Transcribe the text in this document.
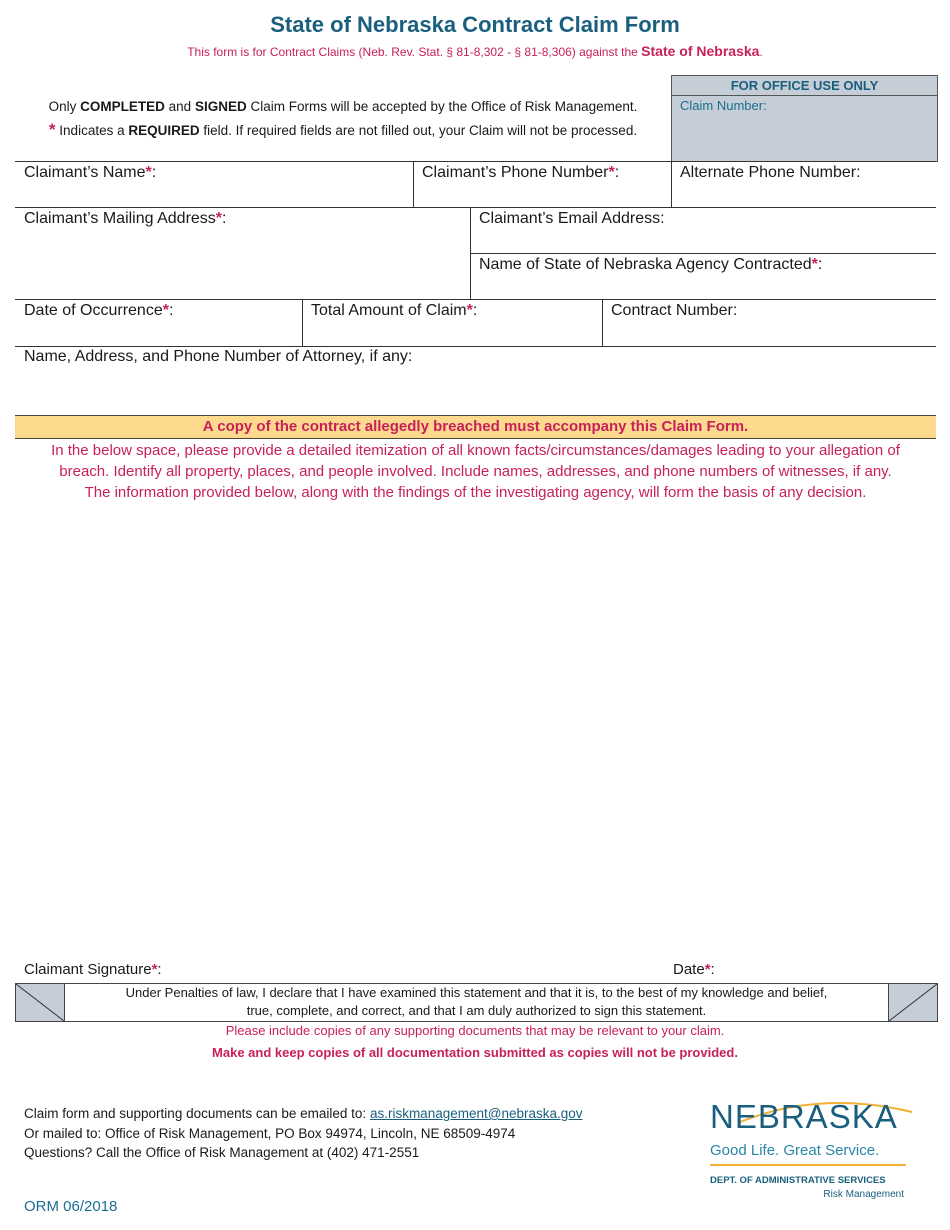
State of Nebraska Contract Claim Form
This form is for Contract Claims (Neb. Rev. Stat. § 81-8,302 - § 81-8,306) against the State of Nebraska.
Only COMPLETED and SIGNED Claim Forms will be accepted by the Office of Risk Management.
* Indicates a REQUIRED field. If required fields are not filled out, your Claim will not be processed.
FOR OFFICE USE ONLY
Claim Number:
Claimant’s Name*:	Claimant’s Phone Number*:	Alternate Phone Number:
Claimant’s Mailing Address*:	Claimant’s Email Address:
Name of State of Nebraska Agency Contracted*:
Date of Occurrence*:	Total Amount of Claim*:	Contract Number:
Name, Address, and Phone Number of Attorney, if any:
A copy of the contract allegedly breached must accompany this Claim Form.
In the below space, please provide a detailed itemization of all known facts/circumstances/damages leading to your allegation of
breach. Identify all property, places, and people involved. Include names, addresses, and phone numbers of witnesses, if any.
The information provided below, along with the findings of the investigating agency, will form the basis of any decision.
Claimant Signature*:	Date*:
Under Penalties of law, I declare that I have examined this statement and that it is, to the best of my knowledge and belief,
true, complete, and correct, and that I am duly authorized to sign this statement.
Please include copies of any supporting documents that may be relevant to your claim.
Make and keep copies of all documentation submitted as copies will not be provided.
Claim form and supporting documents can be emailed to: as.riskmanagement@nebraska.gov
Or mailed to: Office of Risk Management, PO Box 94974, Lincoln, NE 68509-4974
Questions? Call the Office of Risk Management at (402) 471-2551
ORM 06/2018
NEBRASKA
Good Life. Great Service.
DEPT. OF ADMINISTRATIVE SERVICES
Risk Management
